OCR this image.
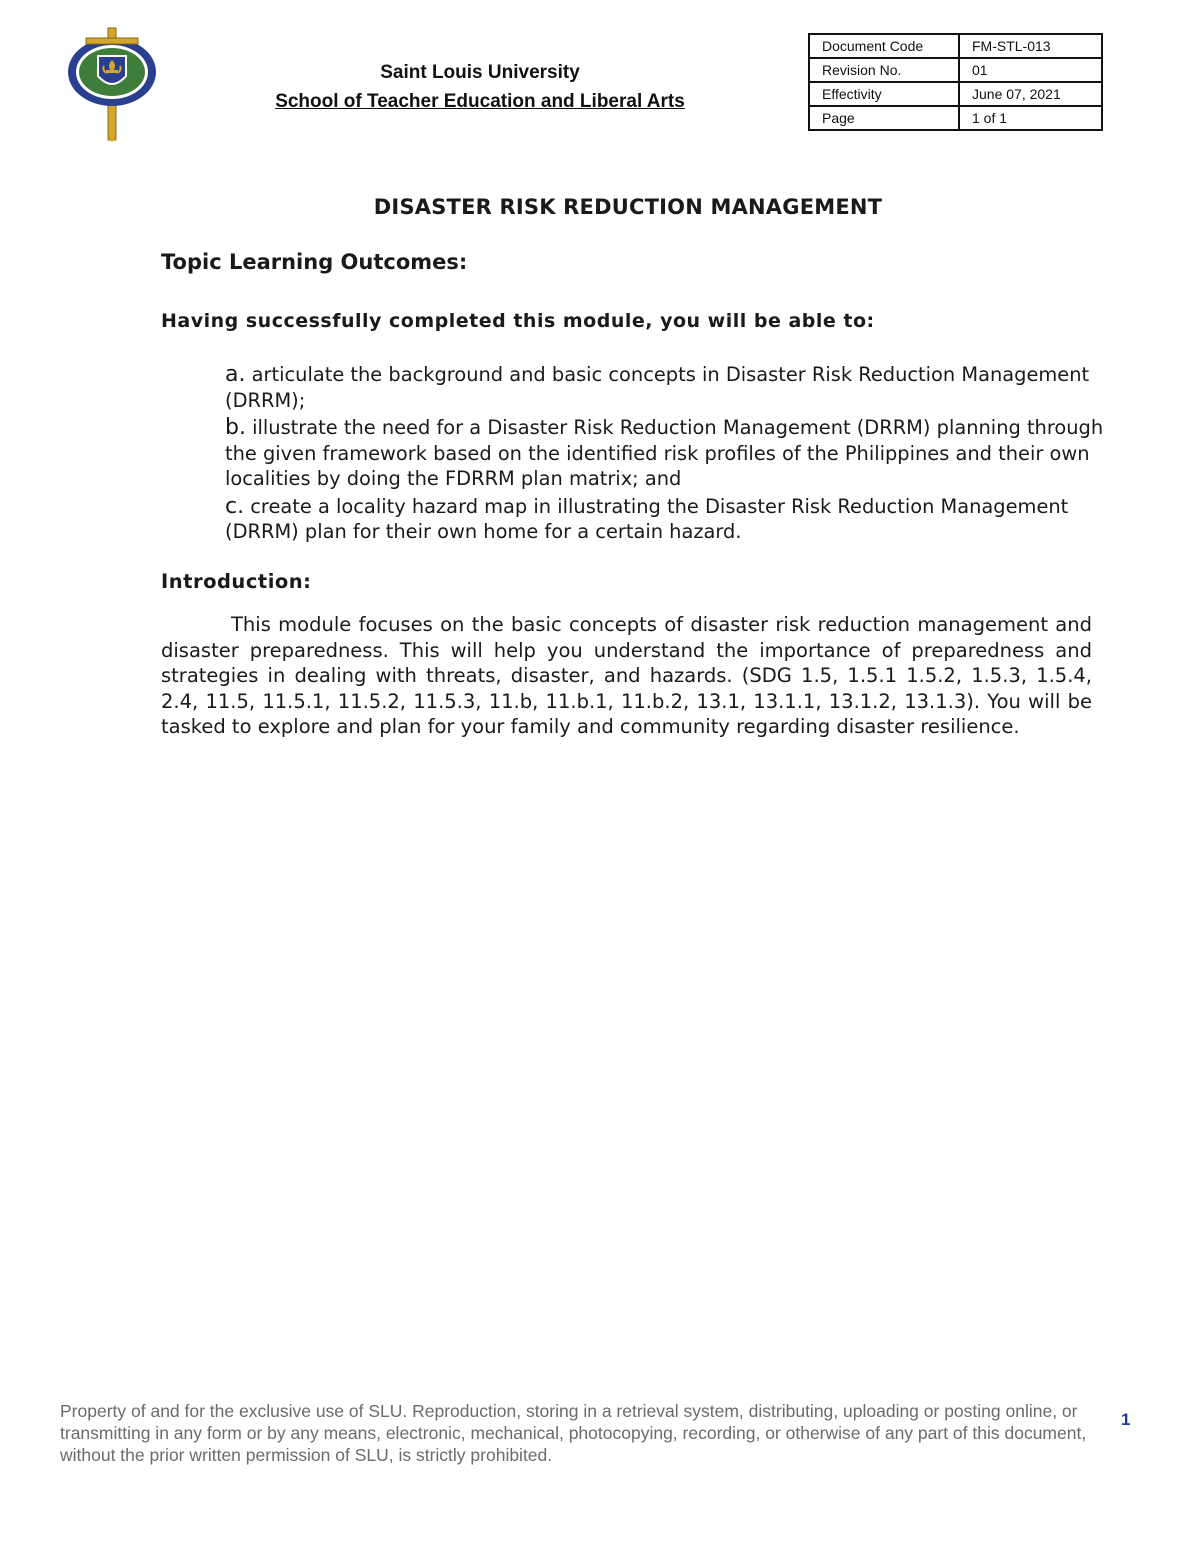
Saint Louis University
School of Teacher Education and Liberal Arts
Document Code	FM-STL-013
Revision No.	01
Effectivity	June 07, 2021
Page	1 of 1
DISASTER RISK REDUCTION MANAGEMENT
Topic Learning Outcomes:
Having successfully completed this module, you will be able to:
a. articulate the background and basic concepts in Disaster Risk Reduction Management (DRRM);
b. illustrate the need for a Disaster Risk Reduction Management (DRRM) planning through the given framework based on the identified risk profiles of the Philippines and their own localities by doing the FDRRM plan matrix; and
c. create a locality hazard map in illustrating the Disaster Risk Reduction Management (DRRM) plan for their own home for a certain hazard.
Introduction:

This module focuses on the basic concepts of disaster risk reduction management and disaster preparedness. This will help you understand the importance of preparedness and strategies in dealing with threats, disaster, and hazards. (SDG 1.5, 1.5.1 1.5.2, 1.5.3, 1.5.4, 2.4, 11.5, 11.5.1, 11.5.2, 11.5.3, 11.b, 11.b.1, 11.b.2, 13.1, 13.1.1, 13.1.2, 13.1.3). You will be tasked to explore and plan for your family and community regarding disaster resilience.

Property of and for the exclusive use of SLU. Reproduction, storing in a retrieval system, distributing, uploading or posting online, or transmitting in any form or by any means, electronic, mechanical, photocopying, recording, or otherwise of any part of this document, without the prior written permission of SLU, is strictly prohibited.
1
